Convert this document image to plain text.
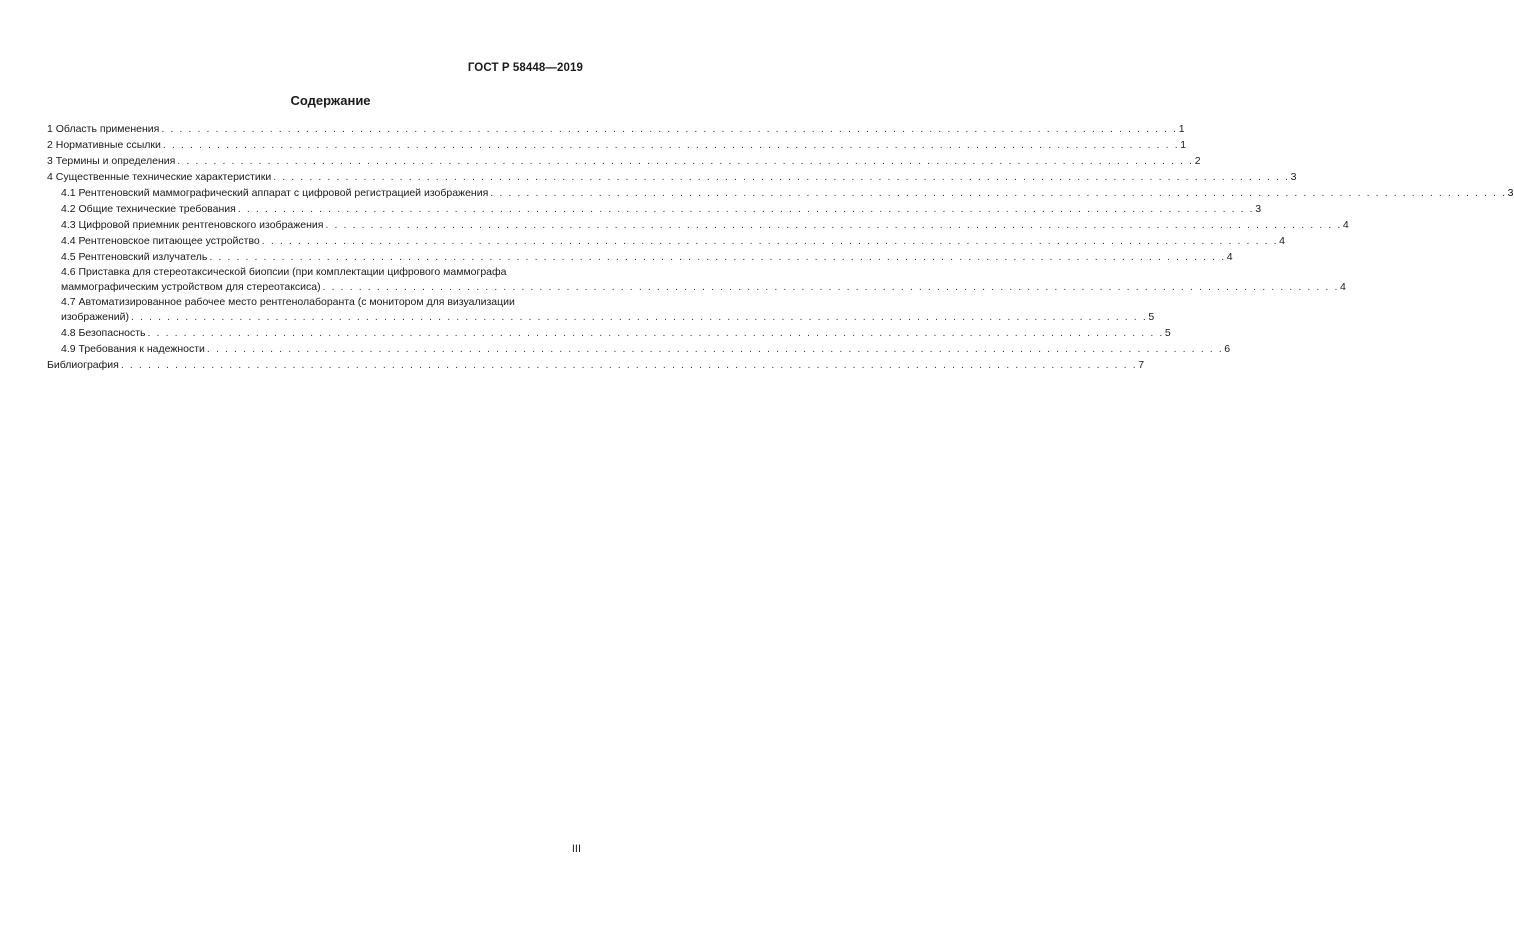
ГОСТ Р 58448—2019
Содержание
1 Область применения . . . . . . . . . . . . . . . . . . . . . . . . . . . . . . . . . . . . . . . . . . . . . . . . . . . . . . . . . . . . . . . . . . . . . . . . . . . . . . . . . . . . . . . . . . . . . . . . . . . . . . . . . . . . . . . . . 1
2 Нормативные ссылки . . . . . . . . . . . . . . . . . . . . . . . . . . . . . . . . . . . . . . . . . . . . . . . . . . . . . . . . . . . . . . . . . . . . . . . . . . . . . . . . . . . . . . . . . . . . . . . . . . . . . . . . . . . . . . . . . 1
3 Термины и определения . . . . . . . . . . . . . . . . . . . . . . . . . . . . . . . . . . . . . . . . . . . . . . . . . . . . . . . . . . . . . . . . . . . . . . . . . . . . . . . . . . . . . . . . . . . . . . . . . . . . . . . . . . . . . . . . . 2
4 Существенные технические характеристики . . . . . . . . . . . . . . . . . . . . . . . . . . . . . . . . . . . . . . . . . . . . . . . . . . . . . . . . . . . . . . . . . . . . . . . . . . . . . . . . . . . . . . . . . . . . . . . . . . . . . . . . . . . . . . . . . 3
4.1 Рентгеновский маммографический аппарат с цифровой регистрацией изображения . . . . . . . . . . . . . . . . . . . . . . . . . . . . . . . . . . . . . . . . . . . . . . . . . . . . . . . . . . . . . . . . . . . . . . . . . . . . . . . . . . . . . . . . . . . . . . . . . . . . . . . . . . . . . . . . . 3
4.2 Общие технические требования . . . . . . . . . . . . . . . . . . . . . . . . . . . . . . . . . . . . . . . . . . . . . . . . . . . . . . . . . . . . . . . . . . . . . . . . . . . . . . . . . . . . . . . . . . . . . . . . . . . . . . . . . . . . . . . . . 3
4.3 Цифровой приемник рентгеновского изображения . . . . . . . . . . . . . . . . . . . . . . . . . . . . . . . . . . . . . . . . . . . . . . . . . . . . . . . . . . . . . . . . . . . . . . . . . . . . . . . . . . . . . . . . . . . . . . . . . . . . . . . . . . . . . . . . . 4
4.4 Рентгеновское питающее устройство . . . . . . . . . . . . . . . . . . . . . . . . . . . . . . . . . . . . . . . . . . . . . . . . . . . . . . . . . . . . . . . . . . . . . . . . . . . . . . . . . . . . . . . . . . . . . . . . . . . . . . . . . . . . . . . . . 4
4.5 Рентгеновский излучатель . . . . . . . . . . . . . . . . . . . . . . . . . . . . . . . . . . . . . . . . . . . . . . . . . . . . . . . . . . . . . . . . . . . . . . . . . . . . . . . . . . . . . . . . . . . . . . . . . . . . . . . . . . . . . . . . . 4
4.6 Приставка для стереотаксической биопсии (при комплектации цифрового маммографа
маммографическим устройством для стереотаксиса) . . . . . . . . . . . . . . . . . . . . . . . . . . . . . . . . . . . . . . . . . . . . . . . . . . . . . . . . . . . . . . . . . . . . . . . . . . . . . . . . . . . . . . . . . . . . . . . . . . . . . . . . . . . . . . . . . 4
4.7 Автоматизированное рабочее место рентгенолаборанта (с монитором для визуализации
изображений) . . . . . . . . . . . . . . . . . . . . . . . . . . . . . . . . . . . . . . . . . . . . . . . . . . . . . . . . . . . . . . . . . . . . . . . . . . . . . . . . . . . . . . . . . . . . . . . . . . . . . . . . . . . . . . . . . 5
4.8 Безопасность . . . . . . . . . . . . . . . . . . . . . . . . . . . . . . . . . . . . . . . . . . . . . . . . . . . . . . . . . . . . . . . . . . . . . . . . . . . . . . . . . . . . . . . . . . . . . . . . . . . . . . . . . . . . . . . . . 5
4.9 Требования к надежности . . . . . . . . . . . . . . . . . . . . . . . . . . . . . . . . . . . . . . . . . . . . . . . . . . . . . . . . . . . . . . . . . . . . . . . . . . . . . . . . . . . . . . . . . . . . . . . . . . . . . . . . . . . . . . . . . 6
Библиография . . . . . . . . . . . . . . . . . . . . . . . . . . . . . . . . . . . . . . . . . . . . . . . . . . . . . . . . . . . . . . . . . . . . . . . . . . . . . . . . . . . . . . . . . . . . . . . . . . . . . . . . . . . . . . . . . 7
III
